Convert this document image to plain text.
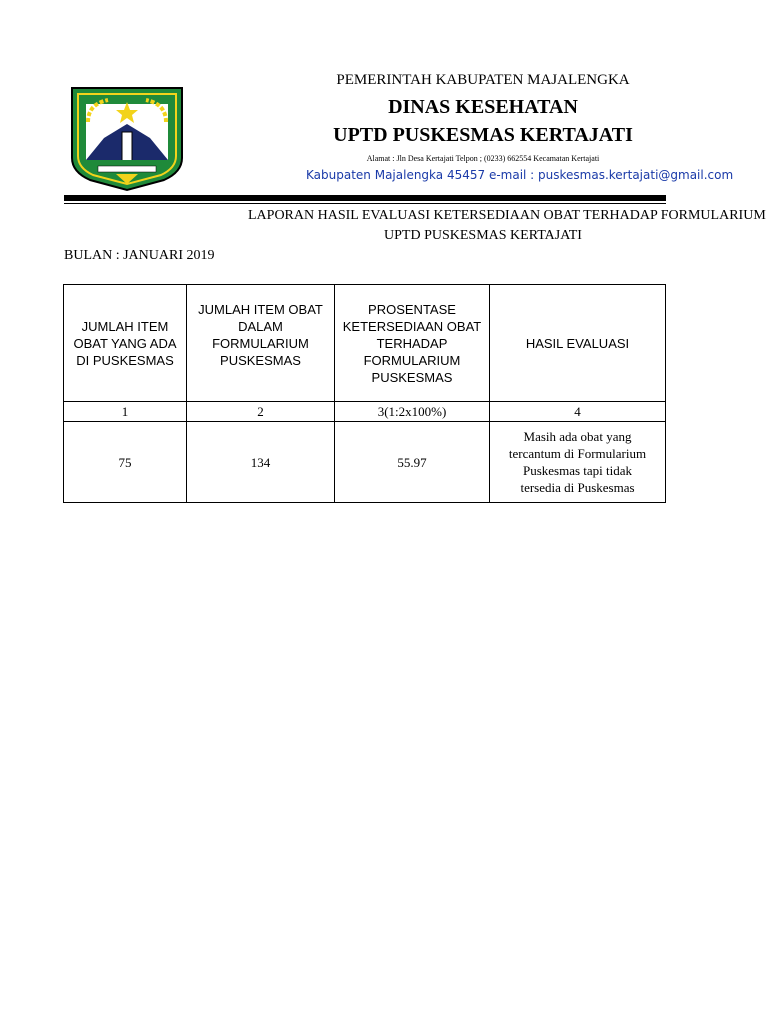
PEMERINTAH KABUPATEN MAJALENGKA
DINAS KESEHATAN
UPTD PUSKESMAS KERTAJATI
Alamat : Jln Desa Kertajati Telpon ; (0233) 662554 Kecamatan Kertajati
Kabupaten Majalengka 45457 e-mail : puskesmas.kertajati@gmail.com
LAPORAN HASIL EVALUASI KETERSEDIAAN OBAT TERHADAP FORMULARIUM
UPTD PUSKESMAS KERTAJATI
BULAN : JANUARI 2019
JUMLAH ITEM OBAT YANG ADA DI PUSKESMAS	JUMLAH ITEM OBAT DALAM FORMULARIUM PUSKESMAS	PROSENTASE KETERSEDIAAN OBAT TERHADAP FORMULARIUM PUSKESMAS	HASIL EVALUASI
1	2	3(1:2x100%)	4
75	134	55.97	Masih ada obat yang tercantum di Formularium Puskesmas tapi tidak tersedia di Puskesmas
